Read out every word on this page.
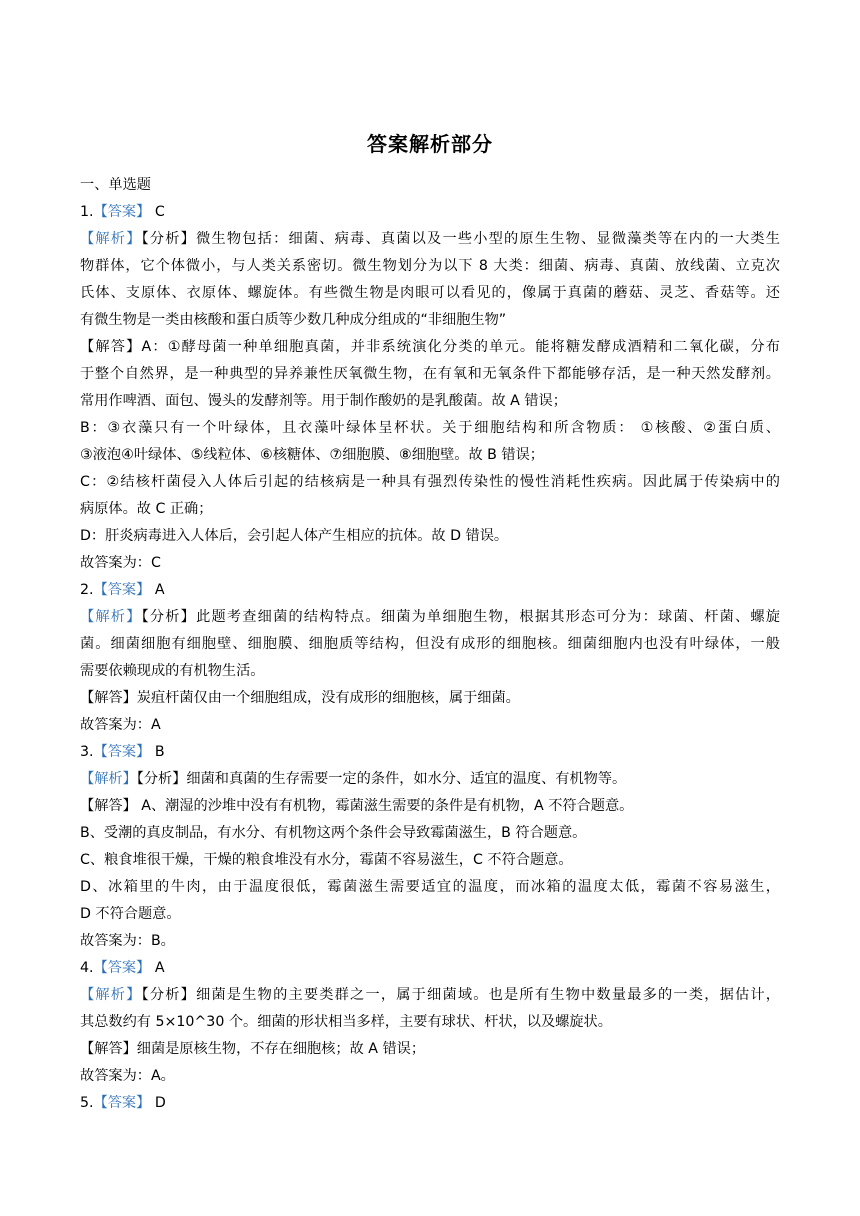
答案解析部分
一、单选题
1.【答案】 C
【解析】【分析】微生物包括：细菌、病毒、真菌以及一些小型的原生生物、显微藻类等在内的一大类生
物群体，它个体微小，与人类关系密切。微生物划分为以下 8 大类：细菌、病毒、真菌、放线菌、立克次
氏体、支原体、衣原体、螺旋体。有些微生物是肉眼可以看见的，像属于真菌的蘑菇、灵芝、香菇等。还
有微生物是一类由核酸和蛋白质等少数几种成分组成的“非细胞生物”
【解答】A：①酵母菌一种单细胞真菌，并非系统演化分类的单元。能将糖发酵成酒精和二氧化碳，分布
于整个自然界，是一种典型的异养兼性厌氧微生物，在有氧和无氧条件下都能够存活，是一种天然发酵剂。
常用作啤酒、面包、馒头的发酵剂等。用于制作酸奶的是乳酸菌。故 A 错误；
B：③衣藻只有一个叶绿体，且衣藻叶绿体呈杯状。关于细胞结构和所含物质： ①核酸、②蛋白质、
③液泡④叶绿体、⑤线粒体、⑥核糖体、⑦细胞膜、⑧细胞壁。故 B 错误；
C：②结核杆菌侵入人体后引起的结核病是一种具有强烈传染性的慢性消耗性疾病。因此属于传染病中的
病原体。故 C 正确；
D：肝炎病毒进入人体后，会引起人体产生相应的抗体。故 D 错误。
故答案为：C
2.【答案】 A
【解析】【分析】此题考查细菌的结构特点。细菌为单细胞生物，根据其形态可分为：球菌、杆菌、螺旋
菌。细菌细胞有细胞壁、细胞膜、细胞质等结构，但没有成形的细胞核。细菌细胞内也没有叶绿体，一般
需要依赖现成的有机物生活。
【解答】炭疽杆菌仅由一个细胞组成，没有成形的细胞核，属于细菌。
故答案为：A
3.【答案】 B
【解析】【分析】细菌和真菌的生存需要一定的条件，如水分、适宜的温度、有机物等。
【解答】 A、潮湿的沙堆中没有有机物，霉菌滋生需要的条件是有机物，A 不符合题意。
B、受潮的真皮制品，有水分、有机物这两个条件会导致霉菌滋生，B 符合题意。
C、粮食堆很干燥，干燥的粮食堆没有水分，霉菌不容易滋生，C 不符合题意。
D、冰箱里的牛肉，由于温度很低，霉菌滋生需要适宜的温度，而冰箱的温度太低，霉菌不容易滋生，
D 不符合题意。
故答案为：B。
4.【答案】 A
【解析】【分析】细菌是生物的主要类群之一，属于细菌域。也是所有生物中数量最多的一类，据估计，
其总数约有 5×10^30 个。细菌的形状相当多样，主要有球状、杆状，以及螺旋状。
【解答】细菌是原核生物，不存在细胞核；故 A 错误；
故答案为：A。
5.【答案】 D
